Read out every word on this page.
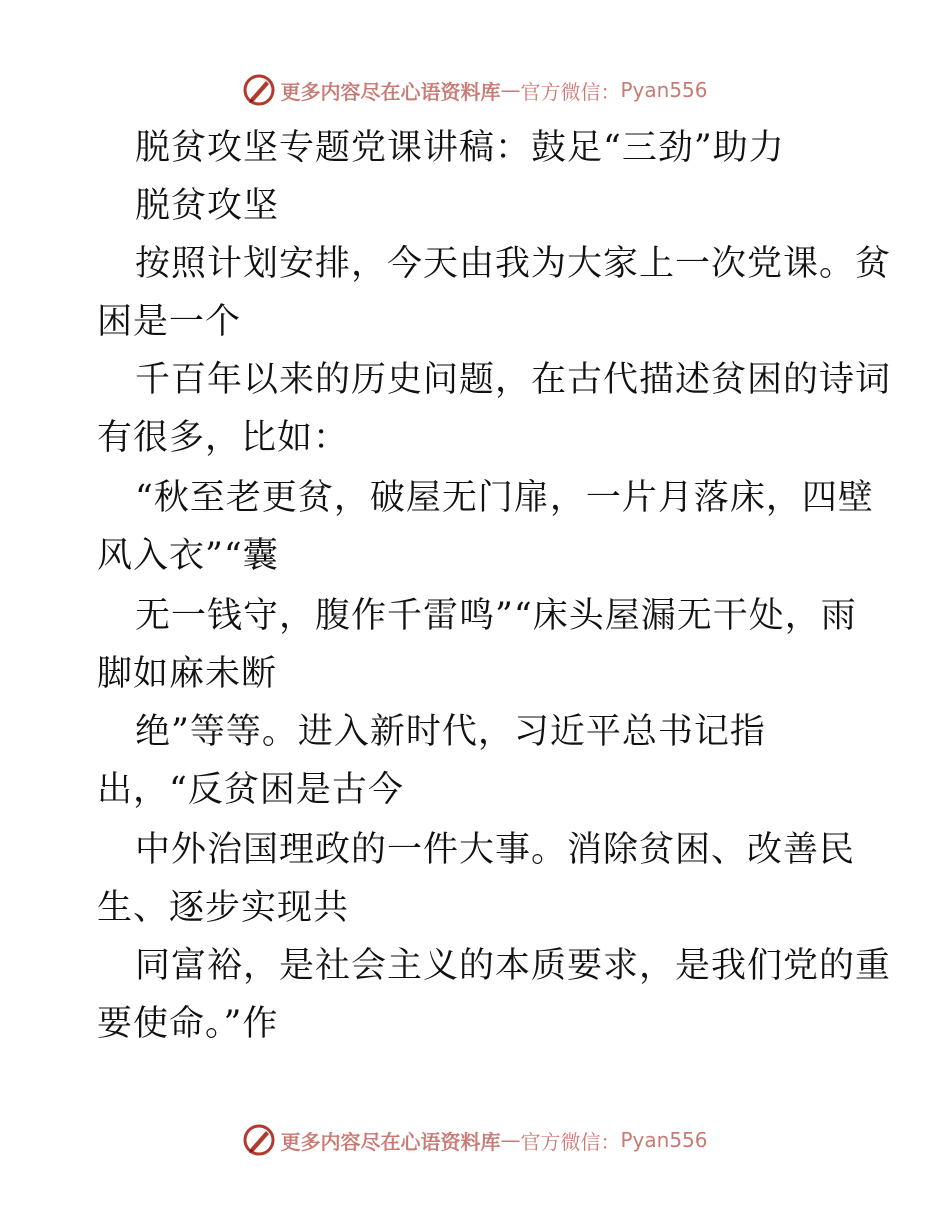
更多内容尽在心语资料库 — 官方微信： Pyan556
脱贫攻坚专题党课讲稿：鼓足“三劲”助力
脱贫攻坚
按照计划安排，今天由我为大家上一次党课。贫
困是一个
千百年以来的历史问题，在古代描述贫困的诗词
有很多，比如：
“秋至老更贫，破屋无门扉，一片月落床，四壁
风入衣”“囊
无一钱守，腹作千雷鸣”“床头屋漏无干处，雨
脚如麻未断
绝”等等。进入新时代，习近平总书记指
出，“反贫困是古今
中外治国理政的一件大事。消除贫困、改善民
生、逐步实现共
同富裕，是社会主义的本质要求，是我们党的重
要使命。”作
更多内容尽在心语资料库 — 官方微信： Pyan556
